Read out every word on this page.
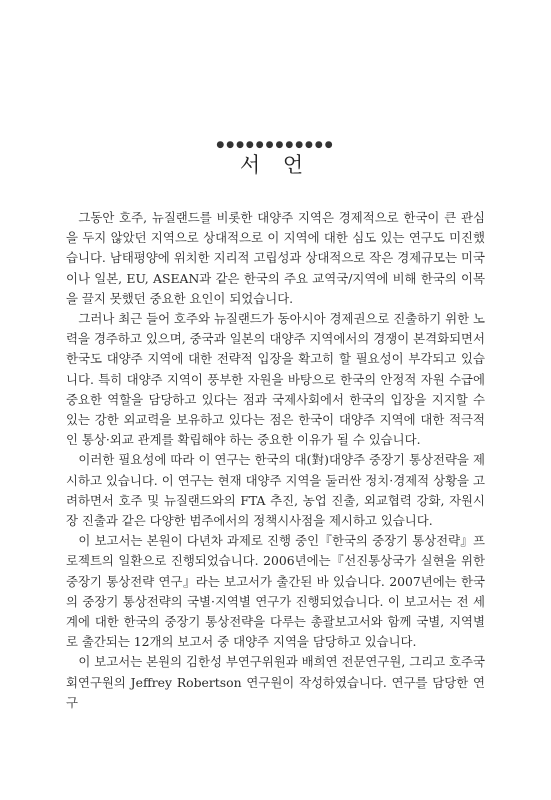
●●●●●●●●●●●●
서 언

그동안 호주, 뉴질랜드를 비롯한 대양주 지역은 경제적으로 한국이 큰 관심을 두지 않았던 지역으로 상대적으로 이 지역에 대한 심도 있는 연구도 미진했습니다. 남태평양에 위치한 지리적 고립성과 상대적으로 작은 경제규모는 미국이나 일본, EU, ASEAN과 같은 한국의 주요 교역국/지역에 비해 한국의 이목을 끌지 못했던 중요한 요인이 되었습니다.

그러나 최근 들어 호주와 뉴질랜드가 동아시아 경제권으로 진출하기 위한 노력을 경주하고 있으며, 중국과 일본의 대양주 지역에서의 경쟁이 본격화되면서 한국도 대양주 지역에 대한 전략적 입장을 확고히 할 필요성이 부각되고 있습니다. 특히 대양주 지역이 풍부한 자원을 바탕으로 한국의 안정적 자원 수급에 중요한 역할을 담당하고 있다는 점과 국제사회에서 한국의 입장을 지지할 수 있는 강한 외교력을 보유하고 있다는 점은 한국이 대양주 지역에 대한 적극적인 통상·외교 관계를 확립해야 하는 중요한 이유가 될 수 있습니다.

이러한 필요성에 따라 이 연구는 한국의 대(對)대양주 중장기 통상전략을 제시하고 있습니다. 이 연구는 현재 대양주 지역을 둘러싼 정치·경제적 상황을 고려하면서 호주 및 뉴질랜드와의 FTA 추진, 농업 진출, 외교협력 강화, 자원시장 진출과 같은 다양한 범주에서의 정책시사점을 제시하고 있습니다.

이 보고서는 본원이 다년차 과제로 진행 중인『한국의 중장기 통상전략』프로젝트의 일환으로 진행되었습니다. 2006년에는『선진통상국가 실현을 위한 중장기 통상전략 연구』라는 보고서가 출간된 바 있습니다. 2007년에는 한국의 중장기 통상전략의 국별·지역별 연구가 진행되었습니다. 이 보고서는 전 세계에 대한 한국의 중장기 통상전략을 다루는 총괄보고서와 함께 국별, 지역별로 출간되는 12개의 보고서 중 대양주 지역을 담당하고 있습니다.

이 보고서는 본원의 김한성 부연구위원과 배희연 전문연구원, 그리고 호주국회연구원의 Jeffrey Robertson 연구원이 작성하였습니다. 연구를 담당한 연구
